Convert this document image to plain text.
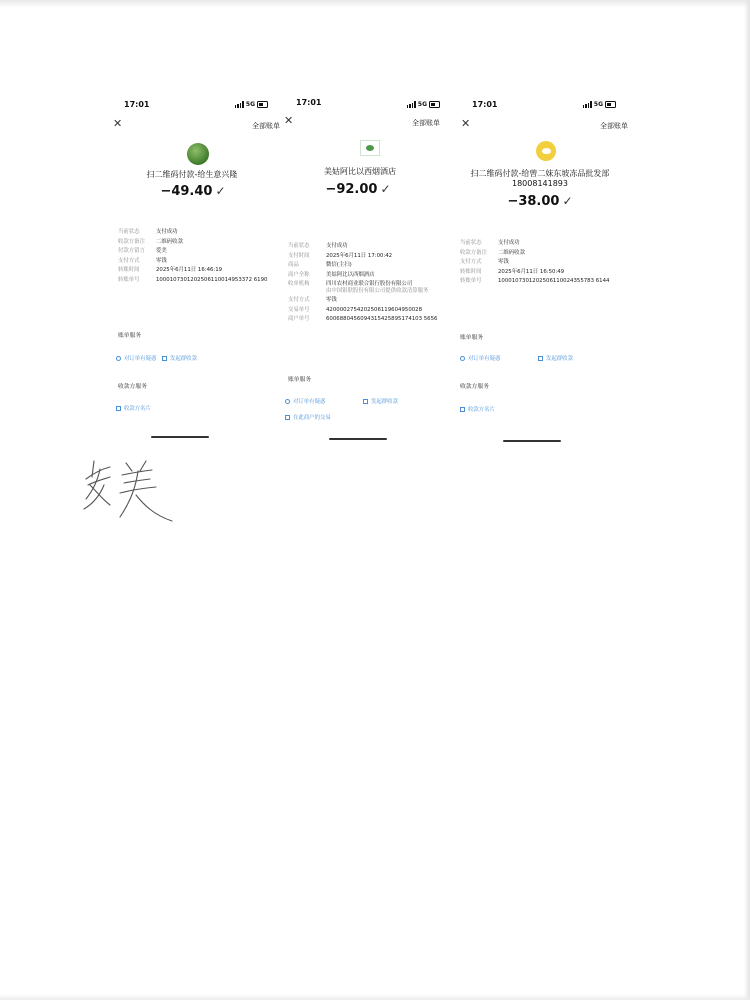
17:01	5G
✕	全部账单
扫二维码付款-给生意兴隆
−49.40 ✓
当前状态	支付成功
收款方备注	二维码收款
付款方留言	爱美
支付方式	零钱
转账时间	2025年6月11日 16:46:19
转账单号	1000107301202506110014953372 6190
账单服务
对订单有疑惑	发起群收款
收款方服务
收款方名片
17:01	5G
✕	全部账单
美姑阿比以西烟酒店
−92.00 ✓
当前状态	支付成功
支付时间	2025年6月11日 17:00:42
商品	微信(主扫)
商户全称	美姑阿比以西烟酒店
收单机构	四川农村商业联合银行股份有限公司
由中国银联股份有限公司提供收款清算服务
支付方式	零钱
交易单号	4200002754202506119604950028
商户单号	6006880456094315425895174103 5656
账单服务
对订单有疑惑	发起群收款
在此商户的交易
17:01	5G
✕	全部账单
扫二维码付款-给曾二妹东坡冻品批发部
18008141893
−38.00 ✓
当前状态	支付成功
收款方备注	二维码收款
支付方式	零钱
转账时间	2025年6月11日 16:50:49
转账单号	1000107301202506110024355783 6144
账单服务
对订单有疑惑	发起群收款
收款方服务
收款方名片
